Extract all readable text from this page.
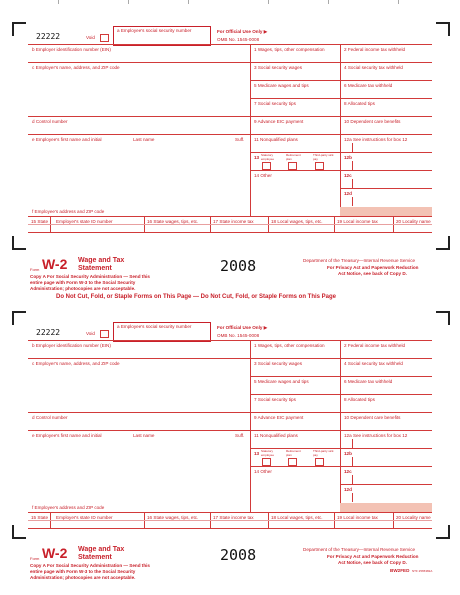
22222	Void
a Employee's social security number	For Official Use Only ▶
OMB No. 1545-0008
b Employer identification number (EIN)
c Employer's name, address, and ZIP code
d Control number
e Employee's first name and initial	Last name	Suff.
1 Wages, tips, other compensation	2 Federal income tax withheld
3 Social security wages	4 Social security tax withheld
5 Medicare wages and tips	6 Medicare tax withheld
7 Social security tips	8 Allocated tips
9 Advance EIC payment	10 Dependent care benefits
11 Nonqualified plans	12a See instructions for box 12
12b
12c
12d
13 Statutory employee
Retirement plan
Third-party sick pay
14 Other
f Employee's address and ZIP code
15 State Employer's state ID number	16 State wages, tips, etc.	17 State income tax	18 Local wages, tips, etc.	19 Local income tax	20 Locality name
Form W-2 Wage and Tax
Statement	2008	Department of the Treasury—Internal Revenue Service
For Privacy Act and Paperwork Reduction
Act Notice, see back of Copy D.
Copy A For Social Security Administration — Send this
entire page with Form W-3 to the Social Security
Administration; photocopies are not acceptable.
Do Not Cut, Fold, or Staple Forms on This Page — Do Not Cut, Fold, or Staple Forms on This Page
22222	Void
a Employee's social security number	For Official Use Only ▶
OMB No. 1545-0008
b Employer identification number (EIN)
c Employer's name, address, and ZIP code
d Control number
e Employee's first name and initial	Last name	Suff.
1 Wages, tips, other compensation	2 Federal income tax withheld
3 Social security wages	4 Social security tax withheld
5 Medicare wages and tips	6 Medicare tax withheld
7 Social security tips	8 Allocated tips
9 Advance EIC payment	10 Dependent care benefits
11 Nonqualified plans	12a See instructions for box 12
12b
12c
12d
13 Statutory employee
Retirement plan
Third-party sick pay
14 Other
f Employee's address and ZIP code
15 State Employer's state ID number	16 State wages, tips, etc.	17 State income tax	18 Local wages, tips, etc.	19 Local income tax	20 Locality name
Form W-2 Wage and Tax
Statement	2008	Department of the Treasury—Internal Revenue Service
For Privacy Act and Paperwork Reduction
Act Notice, see back of Copy D.
Copy A For Social Security Administration — Send this
entire page with Form W-3 to the Social Security
Administration; photocopies are not acceptable.
BW2FED NTF 2565382A
